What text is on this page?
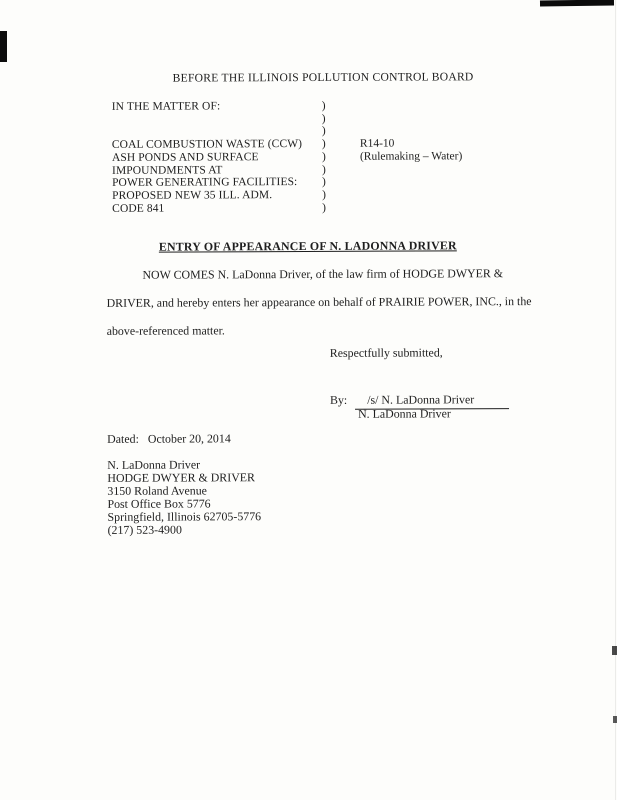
BEFORE THE ILLINOIS POLLUTION CONTROL BOARD
IN THE MATTER OF:	)
)
)
COAL COMBUSTION WASTE (CCW)	)	R14-10
ASH PONDS AND SURFACE	)	(Rulemaking – Water)
IMPOUNDMENTS AT	)
POWER GENERATING FACILITIES:	)
PROPOSED NEW 35 ILL. ADM.	)
CODE 841	)
ENTRY OF APPEARANCE OF N. LADONNA DRIVER
NOW COMES N. LaDonna Driver, of the law firm of HODGE DWYER &
DRIVER, and hereby enters her appearance on behalf of PRAIRIE POWER, INC., in the
above-referenced matter.
Respectfully submitted,
By: /s/ N. LaDonna Driver
N. LaDonna Driver
Dated: October 20, 2014
N. LaDonna Driver
HODGE DWYER & DRIVER
3150 Roland Avenue
Post Office Box 5776
Springfield, Illinois 62705-5776
(217) 523-4900
